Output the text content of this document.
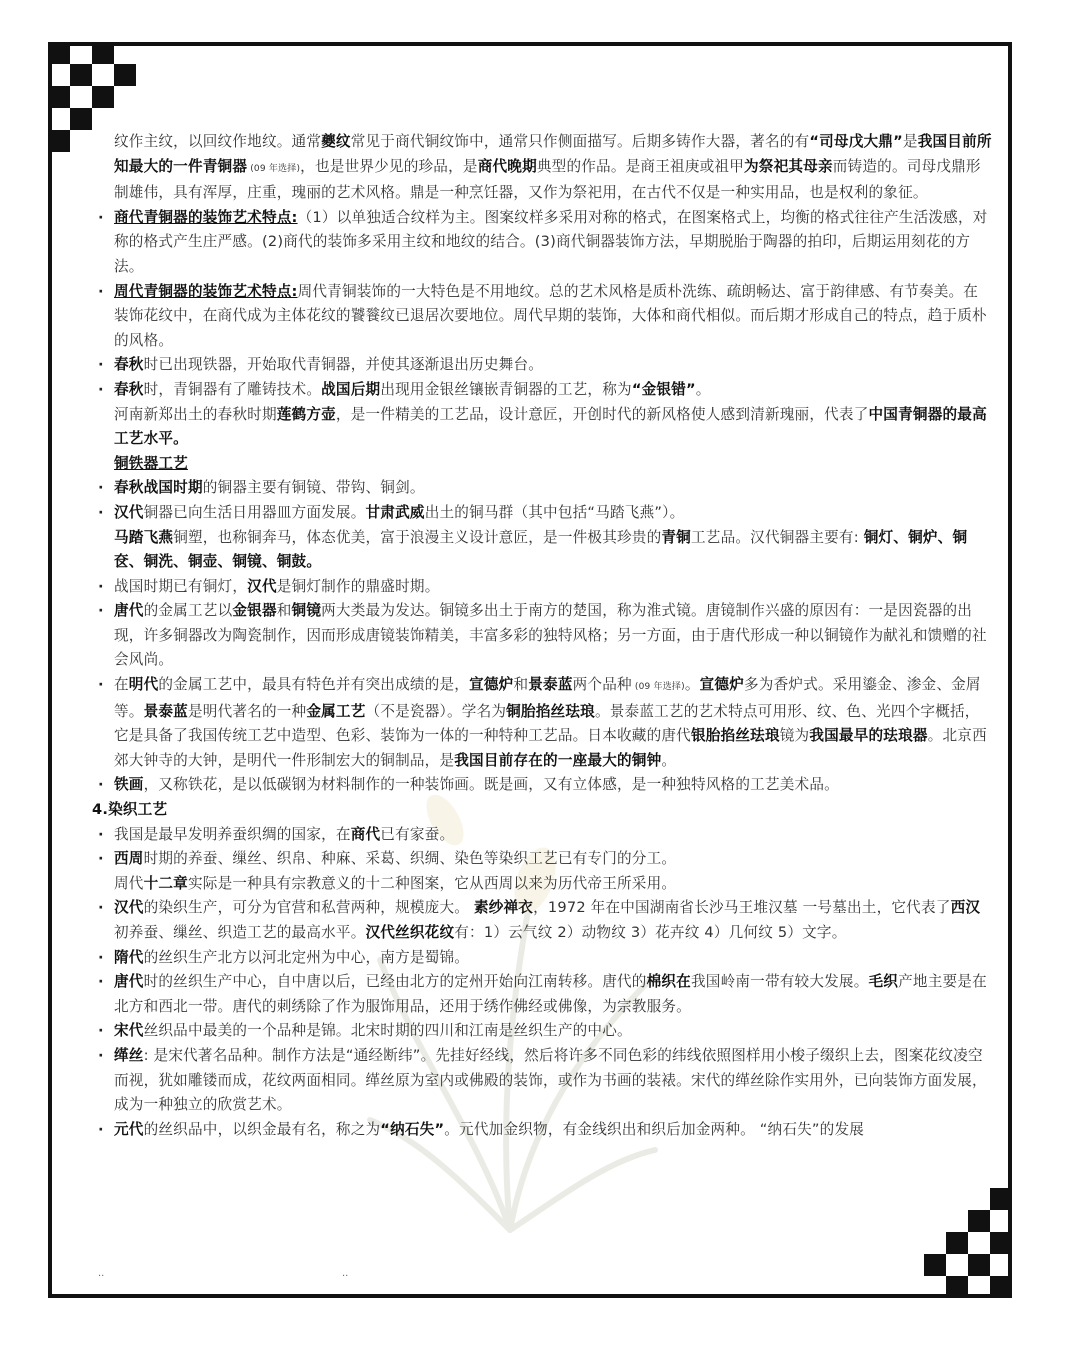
纹作主纹，以回纹作地纹。通常夔纹常见于商代铜纹饰中，通常只作侧面描写。后期多铸作大器，著名的有“司母戊大鼎”是我国目前所知最大的一件青铜器 (09 年选择)，也是世界少见的珍品，是商代晚期典型的作品。是商王祖庚或祖甲为祭祀其母亲而铸造的。司母戊鼎形制雄伟，具有浑厚，庄重，瑰丽的艺术风格。鼎是一种烹饪器，又作为祭祀用，在古代不仅是一种实用品，也是权利的象征。

· 商代青铜器的装饰艺术特点:（1）以单独适合纹样为主。图案纹样多采用对称的格式，在图案格式上，均衡的格式往往产生活泼感，对称的格式产生庄严感。(2)商代的装饰多采用主纹和地纹的结合。(3)商代铜器装饰方法，早期脱胎于陶器的拍印，后期运用刻花的方法。

· 周代青铜器的装饰艺术特点:周代青铜装饰的一大特色是不用地纹。总的艺术风格是质朴洗练、疏朗畅达、富于韵律感、有节奏美。在装饰花纹中，在商代成为主体花纹的饕餮纹已退居次要地位。周代早期的装饰，大体和商代相似。而后期才形成自己的特点，趋于质朴的风格。

· 春秋时已出现铁器，开始取代青铜器，并使其逐渐退出历史舞台。

· 春秋时，青铜器有了雕铸技术。战国后期出现用金银丝镶嵌青铜器的工艺，称为“金银错”。

河南新郑出土的春秋时期莲鹤方壶，是一件精美的工艺品，设计意匠，开创时代的新风格使人感到清新瑰丽，代表了中国青铜器的最高工艺水平。

铜铁器工艺

· 春秋战国时期的铜器主要有铜镜、带钩、铜剑。

· 汉代铜器已向生活日用器皿方面发展。甘肃武威出土的铜马群（其中包括“马踏飞燕”）。

马踏飞燕铜塑，也称铜奔马，体态优美，富于浪漫主义设计意匠，是一件极其珍贵的青铜工艺品。汉代铜器主要有: 铜灯、铜炉、铜奁、铜洗、铜壶、铜镜、铜鼓。

· 战国时期已有铜灯，汉代是铜灯制作的鼎盛时期。

· 唐代的金属工艺以金银器和铜镜两大类最为发达。铜镜多出土于南方的楚国，称为淮式镜。唐镜制作兴盛的原因有：一是因瓷器的出现，许多铜器改为陶瓷制作，因而形成唐镜装饰精美，丰富多彩的独特风格；另一方面，由于唐代形成一种以铜镜作为献礼和馈赠的社会风尚。

· 在明代的金属工艺中，最具有特色并有突出成绩的是，宣德炉和景泰蓝两个品种 (09 年选择)。宣德炉多为香炉式。采用鎏金、渗金、金屑等。景泰蓝是明代著名的一种金属工艺（不是瓷器）。学名为铜胎掐丝珐琅。景泰蓝工艺的艺术特点可用形、纹、色、光四个字概括，它是具备了我国传统工艺中造型、色彩、装饰为一体的一种特种工艺品。日本收藏的唐代银胎掐丝珐琅镜为我国最早的珐琅器。北京西郊大钟寺的大钟，是明代一件形制宏大的铜制品，是我国目前存在的一座最大的铜钟。

· 铁画，又称铁花，是以低碳钢为材料制作的一种装饰画。既是画，又有立体感，是一种独特风格的工艺美术品。

4.染织工艺

· 我国是最早发明养蚕织绸的国家，在商代已有家蚕。

· 西周时期的养蚕、缫丝、织帛、种麻、采葛、织绸、染色等染织工艺已有专门的分工。

周代十二章实际是一种具有宗教意义的十二种图案，它从西周以来为历代帝王所采用。

· 汉代的染织生产，可分为官营和私营两种，规模庞大。 素纱禅衣，1972 年在中国湖南省长沙马王堆汉墓 一号墓出土，它代表了西汉初养蚕、缫丝、织造工艺的最高水平。汉代丝织花纹有：1）云气纹 2）动物纹 3）花卉纹 4）几何纹 5）文字。

· 隋代的丝织生产北方以河北定州为中心，南方是蜀锦。

· 唐代时的丝织生产中心，自中唐以后，已经由北方的定州开始向江南转移。唐代的棉织在我国岭南一带有较大发展。毛织产地主要是在北方和西北一带。唐代的刺绣除了作为服饰用品，还用于绣作佛经或佛像，为宗教服务。

· 宋代丝织品中最美的一个品种是锦。北宋时期的四川和江南是丝织生产的中心。

· 缂丝: 是宋代著名品种。制作方法是“通经断纬”。先挂好经线，然后将许多不同色彩的纬线依照图样用小梭子缀织上去，图案花纹凌空而视，犹如雕镂而成，花纹两面相同。缂丝原为室内或佛殿的装饰，或作为书画的装裱。宋代的缂丝除作实用外，已向装饰方面发展，成为一种独立的欣赏艺术。

· 元代的丝织品中，以织金最有名，称之为“纳石失”。元代加金织物，有金线织出和织后加金两种。 “纳石失”的发展

..	..
